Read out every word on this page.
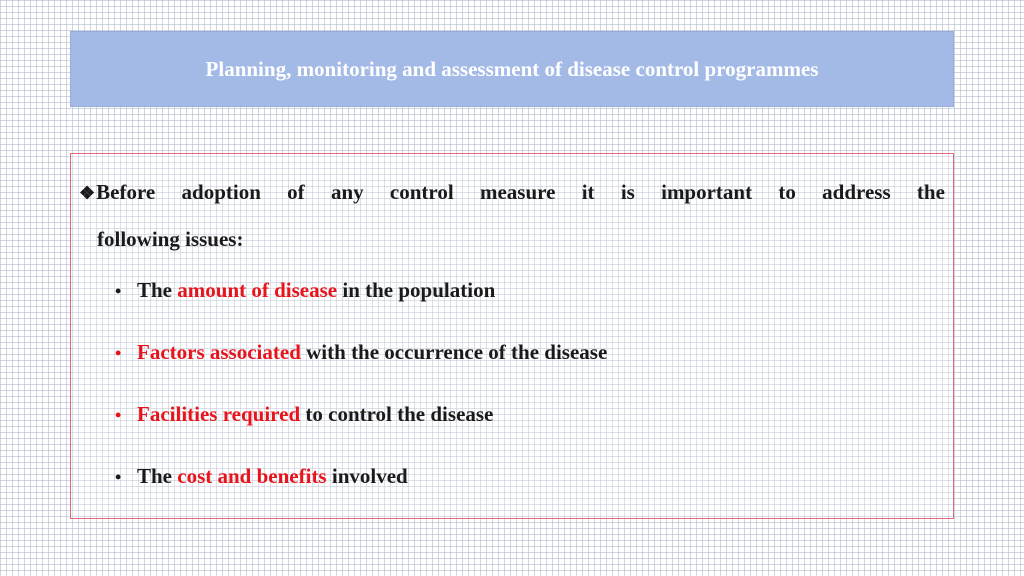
Planning, monitoring and assessment of disease control programmes
❖Before adoption of any control measure it is important to address the
following issues:
• The amount of disease in the population
• Factors associated with the occurrence of the disease
• Facilities required to control the disease
• The cost and benefits involved
